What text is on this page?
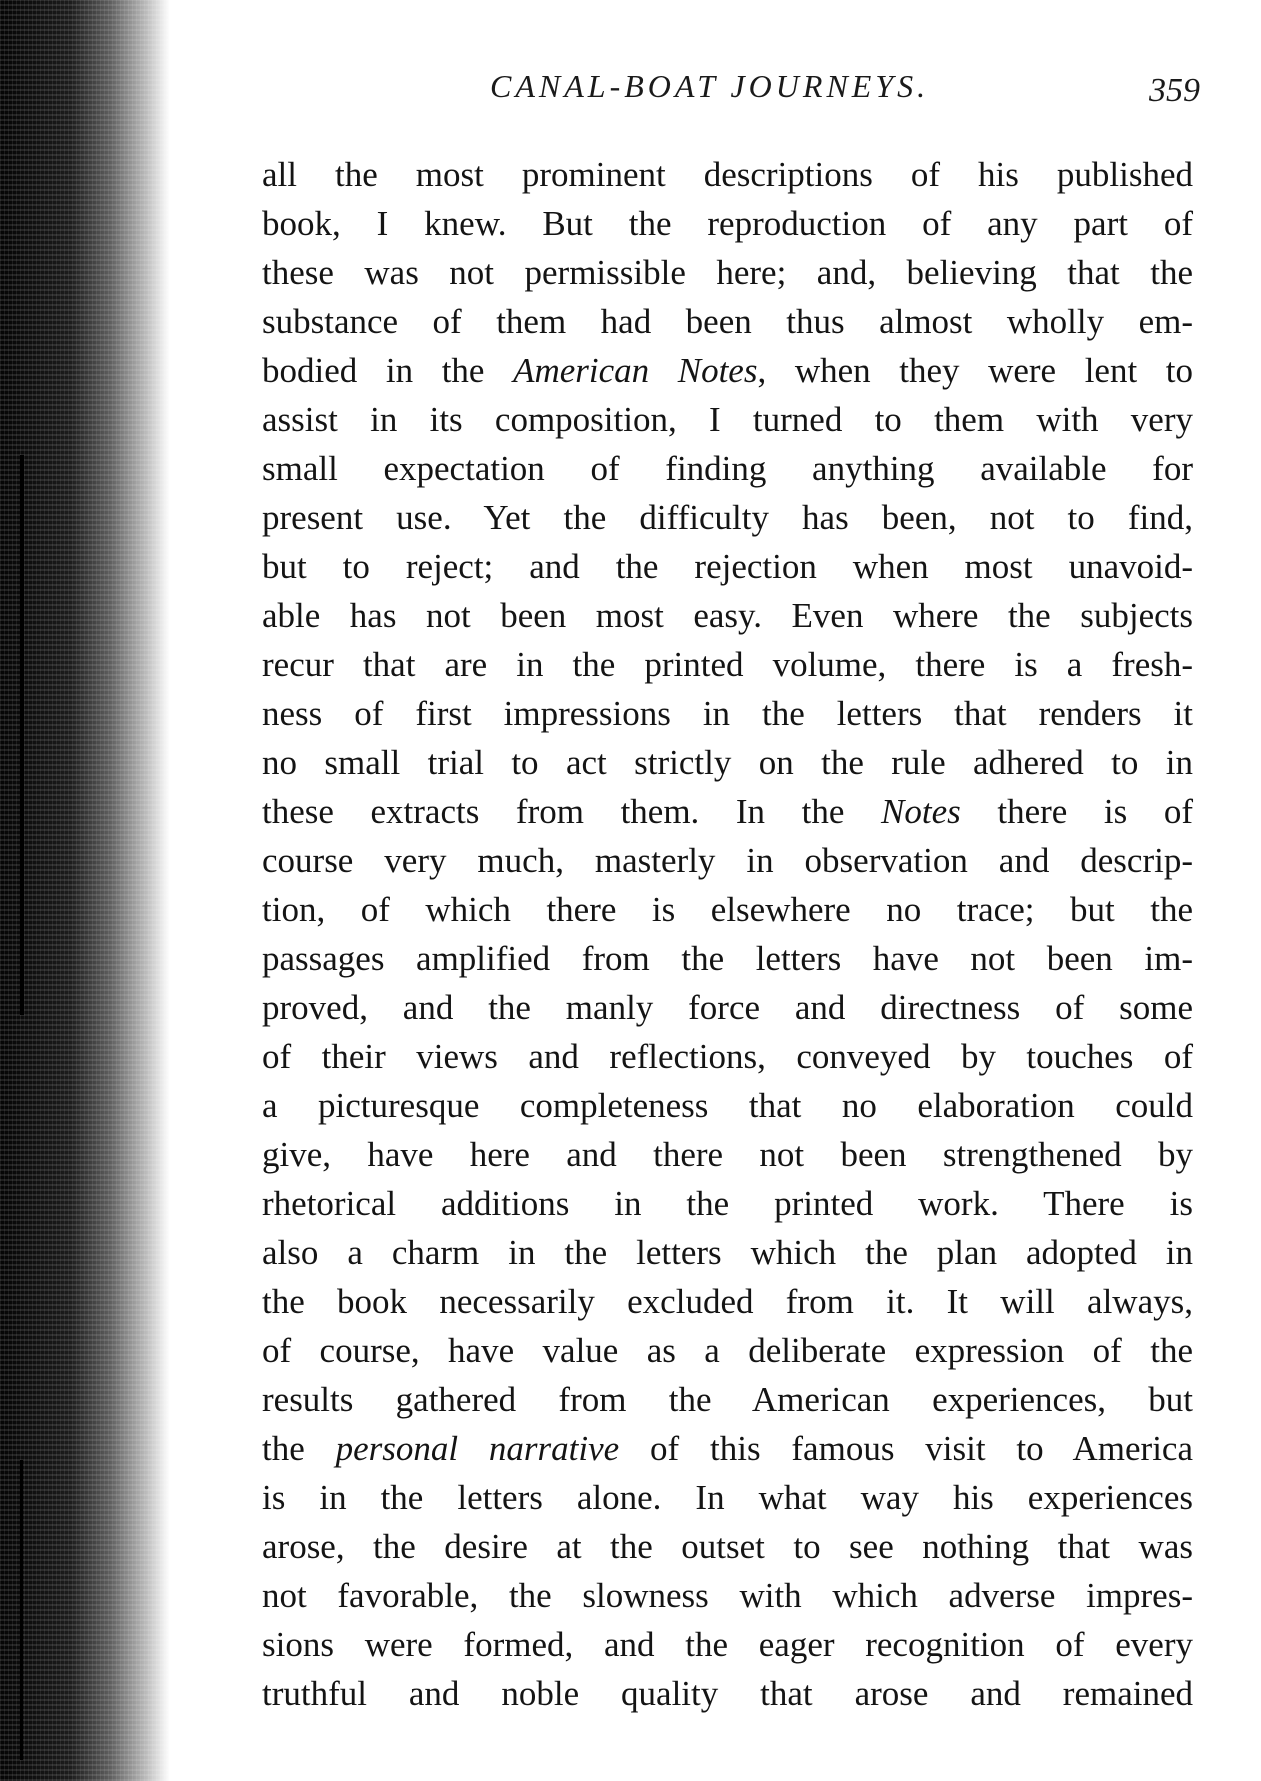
CANAL-BOAT JOURNEYS.	359
all the most prominent descriptions of his published
book, I knew. But the reproduction of any part of
these was not permissible here; and, believing that the
substance of them had been thus almost wholly em-
bodied in the American Notes, when they were lent to
assist in its composition, I turned to them with very
small expectation of finding anything available for
present use. Yet the difficulty has been, not to find,
but to reject; and the rejection when most unavoid-
able has not been most easy. Even where the subjects
recur that are in the printed volume, there is a fresh-
ness of first impressions in the letters that renders it
no small trial to act strictly on the rule adhered to in
these extracts from them. In the Notes there is of
course very much, masterly in observation and descrip-
tion, of which there is elsewhere no trace; but the
passages amplified from the letters have not been im-
proved, and the manly force and directness of some
of their views and reflections, conveyed by touches of
a picturesque completeness that no elaboration could
give, have here and there not been strengthened by
rhetorical additions in the printed work. There is
also a charm in the letters which the plan adopted in
the book necessarily excluded from it. It will always,
of course, have value as a deliberate expression of the
results gathered from the American experiences, but
the personal narrative of this famous visit to America
is in the letters alone. In what way his experiences
arose, the desire at the outset to see nothing that was
not favorable, the slowness with which adverse impres-
sions were formed, and the eager recognition of every
truthful and noble quality that arose and remained
